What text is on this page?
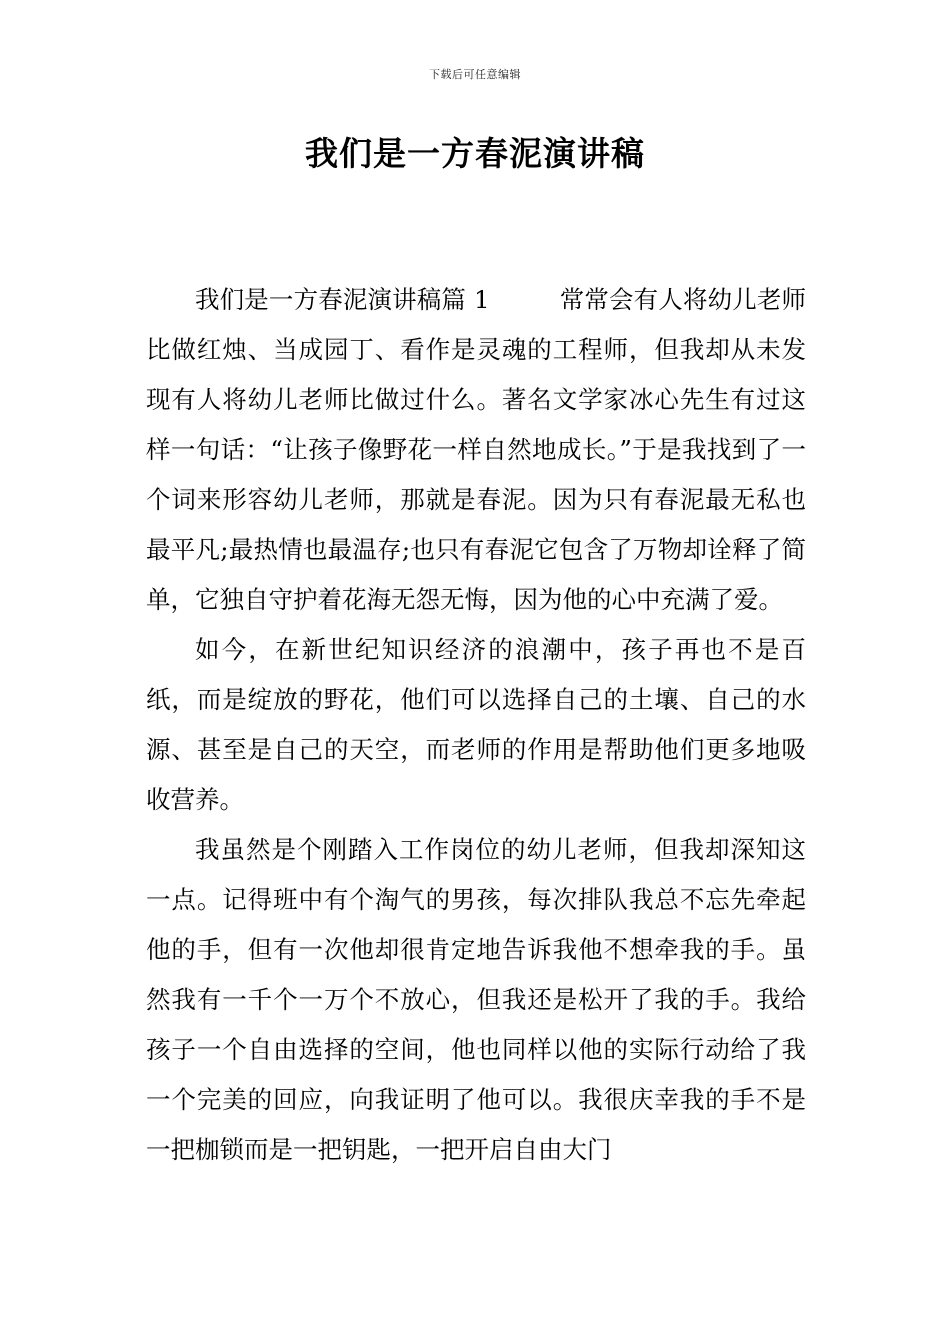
下载后可任意编辑
我们是一方春泥演讲稿

我们是一方春泥演讲稿篇 1	常常会有人将幼儿老师比做红烛、当成园丁、看作是灵魂的工程师，但我却从未发现有人将幼儿老师比做过什么。著名文学家冰心先生有过这样一句话：“让孩子像野花一样自然地成长。”于是我找到了一个词来形容幼儿老师，那就是春泥。因为只有春泥最无私也最平凡;最热情也最温存;也只有春泥它包含了万物却诠释了简单，它独自守护着花海无怨无悔，因为他的心中充满了爱。

如今，在新世纪知识经济的浪潮中，孩子再也不是百纸，而是绽放的野花，他们可以选择自己的土壤、自己的水源、甚至是自己的天空，而老师的作用是帮助他们更多地吸收营养。

我虽然是个刚踏入工作岗位的幼儿老师，但我却深知这一点。记得班中有个淘气的男孩，每次排队我总不忘先牵起他的手，但有一次他却很肯定地告诉我他不想牵我的手。虽然我有一千个一万个不放心，但我还是松开了我的手。我给孩子一个自由选择的空间，他也同样以他的实际行动给了我一个完美的回应，向我证明了他可以。我很庆幸我的手不是一把枷锁而是一把钥匙，一把开启自由大门
